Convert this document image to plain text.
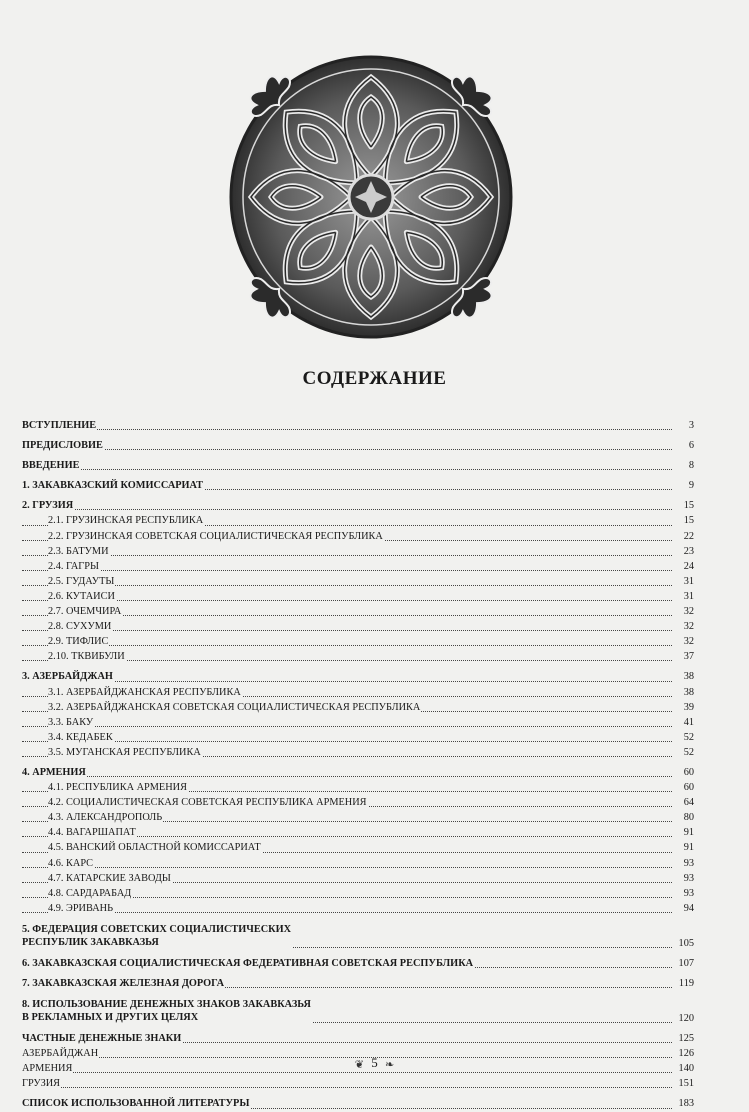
СОДЕРЖАНИЕ
ВСТУПЛЕНИЕ	3
ПРЕДИСЛОВИЕ	6
ВВЕДЕНИЕ	8
1. ЗАКАВКАЗСКИЙ КОМИССАРИАТ	9
2. ГРУЗИЯ	15
2.1. ГРУЗИНСКАЯ РЕСПУБЛИКА	15
2.2. ГРУЗИНСКАЯ СОВЕТСКАЯ СОЦИАЛИСТИЧЕСКАЯ РЕСПУБЛИКА	22
2.3. БАТУМИ	23
2.4. ГАГРЫ	24
2.5. ГУДАУТЫ	31
2.6. КУТАИСИ	31
2.7. ОЧЕМЧИРА	32
2.8. СУХУМИ	32
2.9. ТИФЛИС	32
2.10. ТКВИБУЛИ	37
3. АЗЕРБАЙДЖАН	38
3.1. АЗЕРБАЙДЖАНСКАЯ РЕСПУБЛИКА	38
3.2. АЗЕРБАЙДЖАНСКАЯ СОВЕТСКАЯ СОЦИАЛИСТИЧЕСКАЯ РЕСПУБЛИКА	39
3.3. БАКУ	41
3.4. КЕДАБЕК	52
3.5. МУГАНСКАЯ РЕСПУБЛИКА	52
4. АРМЕНИЯ	60
4.1. РЕСПУБЛИКА АРМЕНИЯ	60
4.2. СОЦИАЛИСТИЧЕСКАЯ СОВЕТСКАЯ РЕСПУБЛИКА АРМЕНИЯ	64
4.3. АЛЕКСАНДРОПОЛЬ	80
4.4. ВАГАРШАПАТ	91
4.5. ВАНСКИЙ ОБЛАСТНОЙ КОМИССАРИАТ	91
4.6. КАРС	93
4.7. КАТАРСКИЕ ЗАВОДЫ	93
4.8. САРДАРАБАД	93
4.9. ЭРИВАНЬ	94
5. ФЕДЕРАЦИЯ СОВЕТСКИХ СОЦИАЛИСТИЧЕСКИХ
РЕСПУБЛИК ЗАКАВКАЗЬЯ	105
6. ЗАКАВКАЗСКАЯ СОЦИАЛИСТИЧЕСКАЯ ФЕДЕРАТИВНАЯ СОВЕТСКАЯ РЕСПУБЛИКА	107
7. ЗАКАВКАЗСКАЯ ЖЕЛЕЗНАЯ ДОРОГА	119
8. ИСПОЛЬЗОВАНИЕ ДЕНЕЖНЫХ ЗНАКОВ ЗАКАВКАЗЬЯ
В РЕКЛАМНЫХ И ДРУГИХ ЦЕЛЯХ	120
ЧАСТНЫЕ ДЕНЕЖНЫЕ ЗНАКИ	125
АЗЕРБАЙДЖАН	126
АРМЕНИЯ	140
ГРУЗИЯ	151
СПИСОК ИСПОЛЬЗОВАННОЙ ЛИТЕРАТУРЫ	183
❦ 5 ❧
